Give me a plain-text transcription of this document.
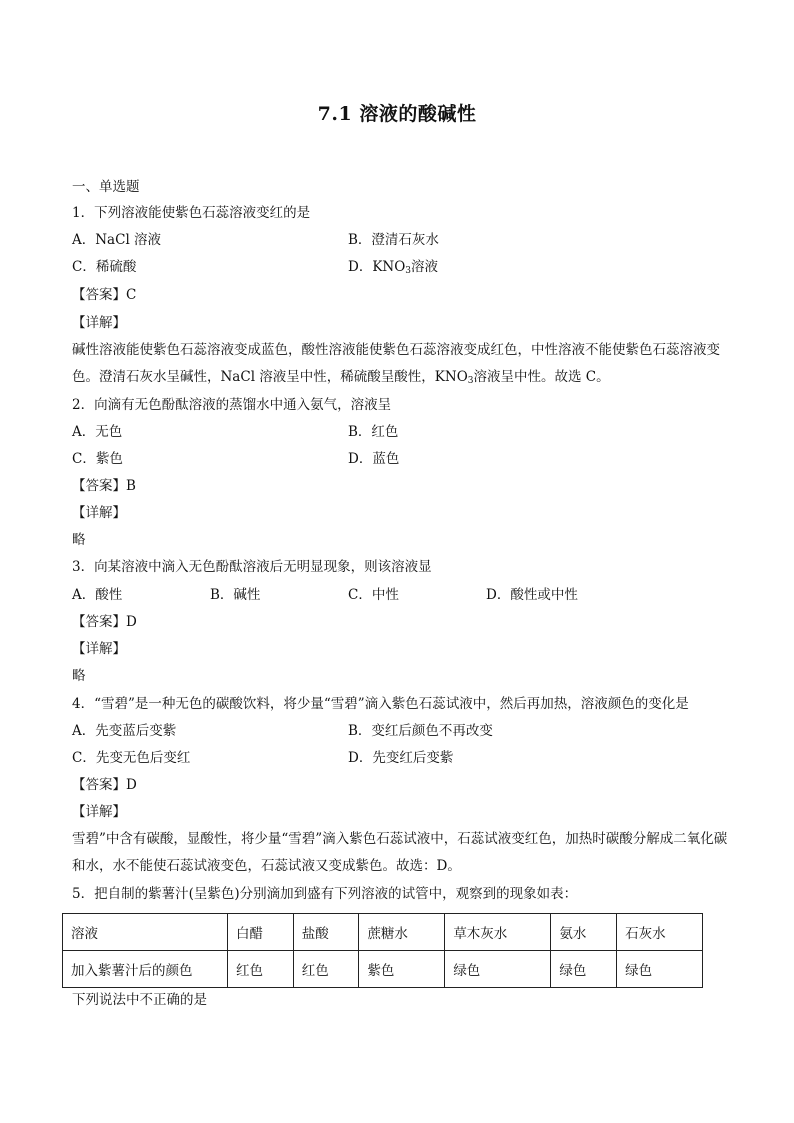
7.1 溶液的酸碱性
一、单选题
1．下列溶液能使紫色石蕊溶液变红的是
A．NaCl 溶液	B．澄清石灰水
C．稀硫酸	D．$KNO_3$溶液
【答案】C
【详解】
碱性溶液能使紫色石蕊溶液变成蓝色，酸性溶液能使紫色石蕊溶液变成红色，中性溶液不能使紫色石蕊溶液变色。澄清石灰水呈碱性，NaCl 溶液呈中性，稀硫酸呈酸性，$KNO_3$溶液呈中性。故选 C。
2．向滴有无色酚酞溶液的蒸馏水中通入氨气，溶液呈
A．无色	B．红色
C．紫色	D．蓝色
【答案】B
【详解】
略
3．向某溶液中滴入无色酚酞溶液后无明显现象，则该溶液显
A．酸性	B．碱性	C．中性	D．酸性或中性
【答案】D
【详解】
略
4．“雪碧”是一种无色的碳酸饮料，将少量“雪碧”滴入紫色石蕊试液中，然后再加热，溶液颜色的变化是
A．先变蓝后变紫	B．变红后颜色不再改变
C．先变无色后变红	D．先变红后变紫
【答案】D
【详解】
雪碧”中含有碳酸，显酸性，将少量“雪碧”滴入紫色石蕊试液中，石蕊试液变红色，加热时碳酸分解成二氧化碳和水，水不能使石蕊试液变色，石蕊试液又变成紫色。故选：D。
5．把自制的紫薯汁(呈紫色)分别滴加到盛有下列溶液的试管中，观察到的现象如表：
溶液	白醋	盐酸	蔗糖水	草木灰水	氨水	石灰水
加入紫薯汁后的颜色	红色	红色	紫色	绿色	绿色	绿色
下列说法中不正确的是
